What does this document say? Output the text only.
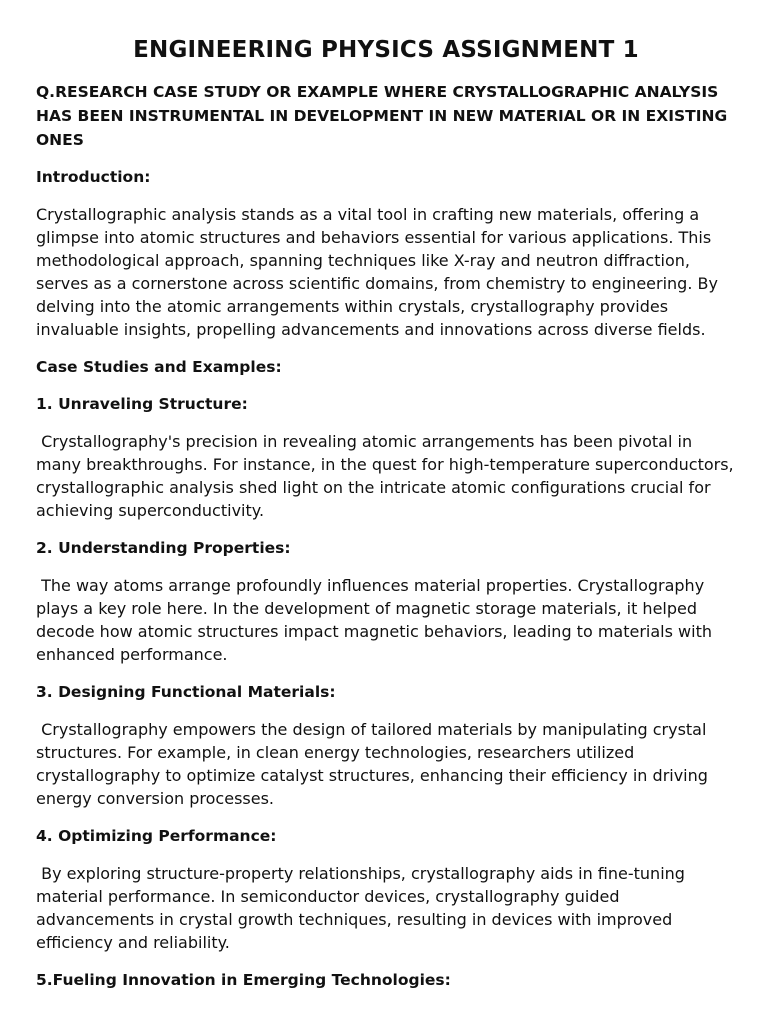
ENGINEERING PHYSICS ASSIGNMENT 1
Q.RESEARCH CASE STUDY OR EXAMPLE WHERE CRYSTALLOGRAPHIC ANALYSIS HAS BEEN INSTRUMENTAL IN DEVELOPMENT IN NEW MATERIAL OR IN EXISTING ONES
Introduction:
Crystallographic analysis stands as a vital tool in crafting new materials, offering a glimpse into atomic structures and behaviors essential for various applications. This methodological approach, spanning techniques like X-ray and neutron diffraction, serves as a cornerstone across scientific domains, from chemistry to engineering. By delving into the atomic arrangements within crystals, crystallography provides invaluable insights, propelling advancements and innovations across diverse fields.
Case Studies and Examples:
1. Unraveling Structure:
Crystallography's precision in revealing atomic arrangements has been pivotal in many breakthroughs. For instance, in the quest for high-temperature superconductors, crystallographic analysis shed light on the intricate atomic configurations crucial for achieving superconductivity.
2. Understanding Properties:
The way atoms arrange profoundly influences material properties. Crystallography plays a key role here. In the development of magnetic storage materials, it helped decode how atomic structures impact magnetic behaviors, leading to materials with enhanced performance.
3. Designing Functional Materials:
Crystallography empowers the design of tailored materials by manipulating crystal structures. For example, in clean energy technologies, researchers utilized crystallography to optimize catalyst structures, enhancing their efficiency in driving energy conversion processes.
4. Optimizing Performance:
By exploring structure-property relationships, crystallography aids in fine-tuning material performance. In semiconductor devices, crystallography guided advancements in crystal growth techniques, resulting in devices with improved efficiency and reliability.
5.Fueling Innovation in Emerging Technologies:
